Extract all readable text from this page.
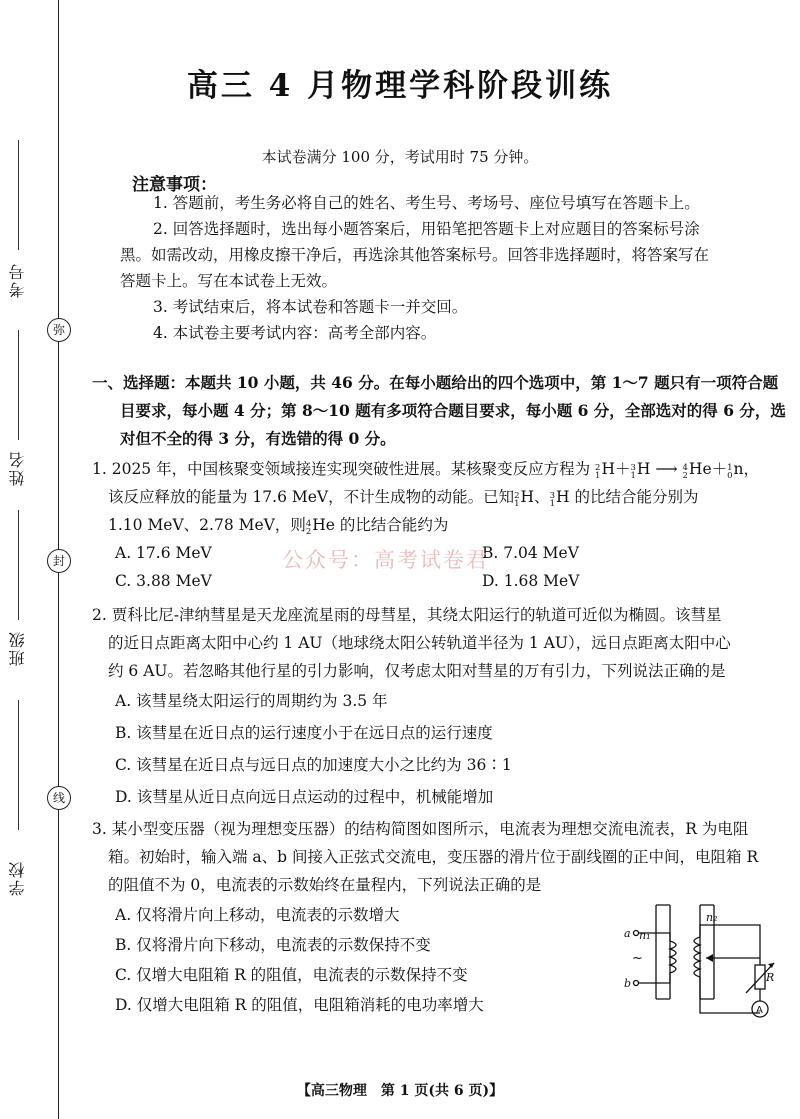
考号
弥
姓名
封
班级
线
学校
高三 4 月物理学科阶段训练
本试卷满分 100 分，考试用时 75 分钟。
注意事项：
1. 答题前，考生务必将自己的姓名、考生号、考场号、座位号填写在答题卡上。
2. 回答选择题时，选出每小题答案后，用铅笔把答题卡上对应题目的答案标号涂
黑。如需改动，用橡皮擦干净后，再选涂其他答案标号。回答非选择题时，将答案写在
答题卡上。写在本试卷上无效。
3. 考试结束后，将本试卷和答题卡一并交回。
4. 本试卷主要考试内容：高考全部内容。
一、选择题：本题共 10 小题，共 46 分。在每小题给出的四个选项中，第 1～7 题只有一项符合题
目要求，每小题 4 分；第 8～10 题有多项符合题目要求，每小题 6 分，全部选对的得 6 分，选
对但不全的得 3 分，有选错的得 0 分。
1. 2025 年，中国核聚变领域接连实现突破性进展。某核聚变反应方程为 2
1 H＋ 3
1 H ⟶ 4
2 He＋ 1
0 n，
该反应释放的能量为 17.6 MeV，不计生成物的动能。已知 2
1 H、 3
1 H 的比结合能分别为
1.10 MeV、2.78 MeV，则 4
2 He 的比结合能约为
A. 17.6 MeV	B. 7.04 MeV
C. 3.88 MeV	D. 1.68 MeV
公众号：高考试卷君
2. 贾科比尼-津纳彗星是天龙座流星雨的母彗星，其绕太阳运行的轨道可近似为椭圆。该彗星
的近日点距离太阳中心约 1 AU（地球绕太阳公转轨道半径为 1 AU），远日点距离太阳中心
约 6 AU。若忽略其他行星的引力影响，仅考虑太阳对彗星的万有引力，下列说法正确的是
A. 该彗星绕太阳运行的周期约为 3.5 年
B. 该彗星在近日点的运行速度小于在远日点的运行速度
C. 该彗星在近日点与远日点的加速度大小之比约为 36∶1
D. 该彗星从近日点向远日点运动的过程中，机械能增加
3. 某小型变压器（视为理想变压器）的结构简图如图所示，电流表为理想交流电流表，R 为电阻
箱。初始时，输入端 a、b 间接入正弦式交流电，变压器的滑片位于副线圈的正中间，电阻箱 R
的阻值不为 0，电流表的示数始终在量程内，下列说法正确的是
A. 仅将滑片向上移动，电流表的示数增大
B. 仅将滑片向下移动，电流表的示数保持不变
C. 仅增大电阻箱 R 的阻值，电流表的示数保持不变
D. 仅增大电阻箱 R 的阻值，电阻箱消耗的电功率增大
a
b
n₁
n₂
R
~
A
【高三物理　第 1 页(共 6 页)】
